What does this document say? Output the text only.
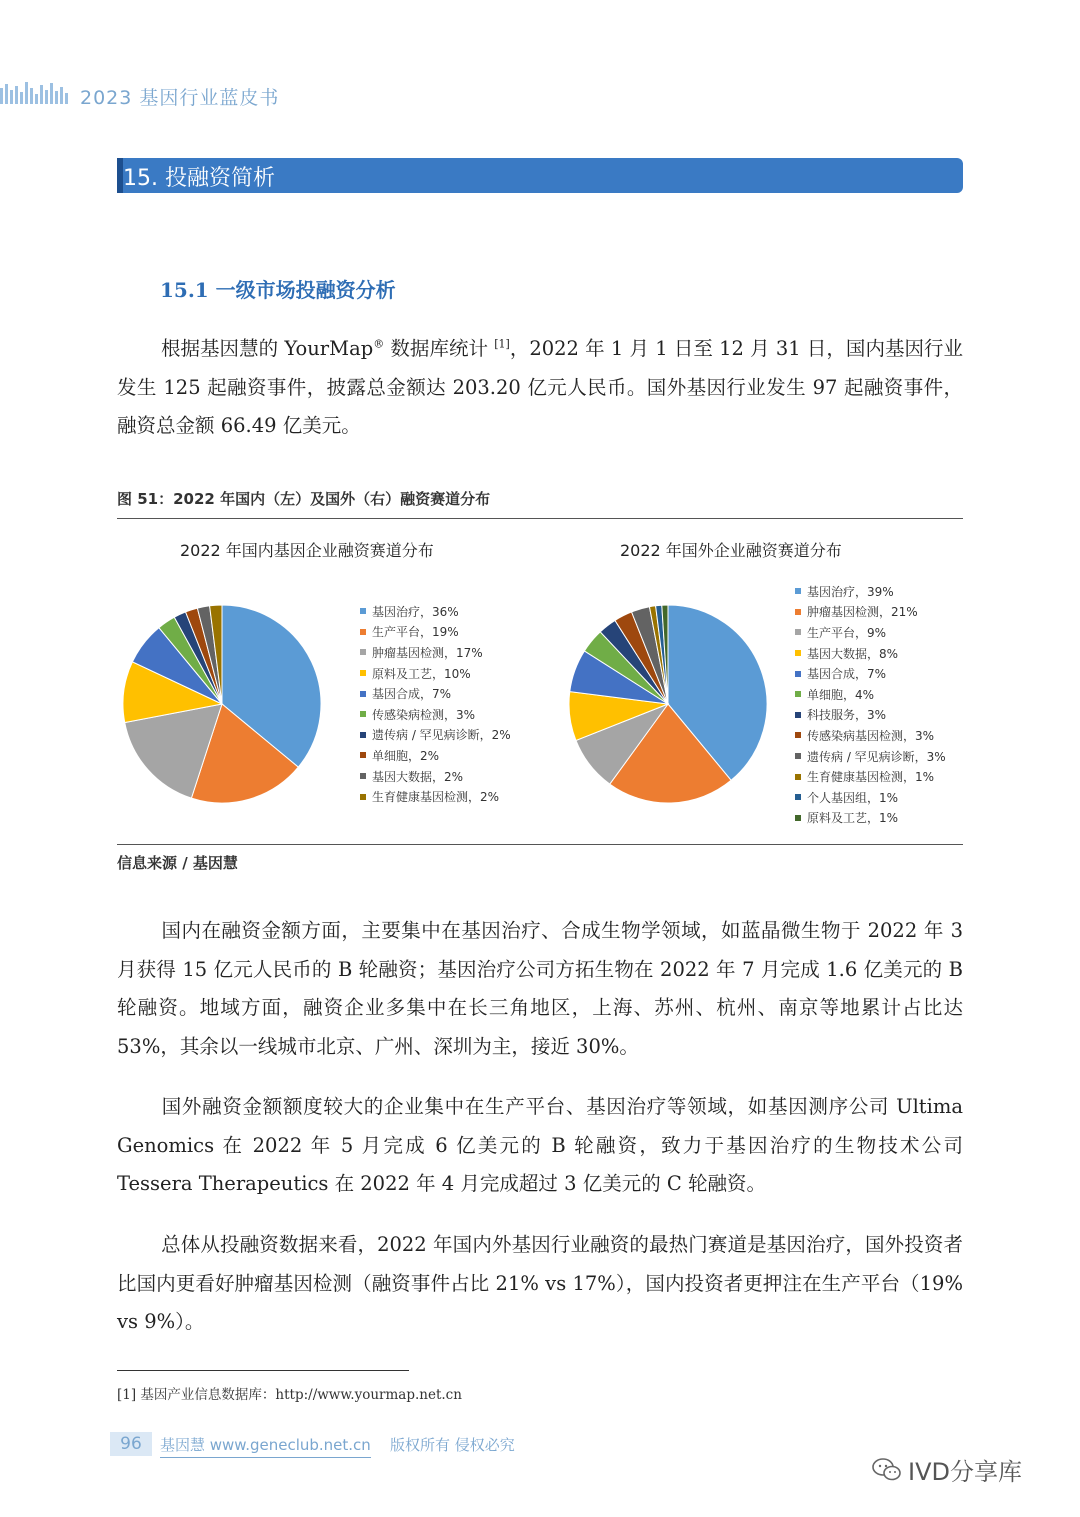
2023 基因行业蓝皮书
15. 投融资简析
15.1 一级市场投融资分析
根据基因慧的 YourMap® 数据库统计 [1]，2022 年 1 月 1 日至 12 月 31 日，国内基因行业发生 125 起融资事件，披露总金额达 203.20 亿元人民币。国外基因行业发生 97 起融资事件，融资总金额 66.49 亿美元。
图 51：2022 年国内（左）及国外（右）融资赛道分布
2022 年国内基因企业融资赛道分布	2022 年国外企业融资赛道分布
基因治疗，36%
生产平台，19%
肿瘤基因检测，17%
原料及工艺，10%
基因合成，7%
传感染病检测，3%
遗传病 / 罕见病诊断，2%
单细胞，2%
基因大数据，2%
生育健康基因检测，2%
基因治疗，39%
肿瘤基因检测，21%
生产平台，9%
基因大数据，8%
基因合成，7%
单细胞，4%
科技服务，3%
传感染病基因检测，3%
遗传病 / 罕见病诊断，3%
生育健康基因检测，1%
个人基因组，1%
原料及工艺，1%
信息来源 / 基因慧
国内在融资金额方面，主要集中在基因治疗、合成生物学领域，如蓝晶微生物于 2022 年 3 月获得 15 亿元人民币的 B 轮融资；基因治疗公司方拓生物在 2022 年 7 月完成 1.6 亿美元的 B 轮融资。地域方面，融资企业多集中在长三角地区，上海、苏州、杭州、南京等地累计占比达 53%，其余以一线城市北京、广州、深圳为主，接近 30%。
国外融资金额额度较大的企业集中在生产平台、基因治疗等领域，如基因测序公司 Ultima Genomics 在 2022 年 5 月完成 6 亿美元的 B 轮融资，致力于基因治疗的生物技术公司 Tessera Therapeutics 在 2022 年 4 月完成超过 3 亿美元的 C 轮融资。
总体从投融资数据来看，2022 年国内外基因行业融资的最热门赛道是基因治疗，国外投资者比国内更看好肿瘤基因检测（融资事件占比 21% vs 17%），国内投资者更押注在生产平台（19% vs 9%）。
[1] 基因产业信息数据库：http://www.yourmap.net.cn
96	基因慧 www.geneclub.net.cn 版权所有 侵权必究
IVD分享库
